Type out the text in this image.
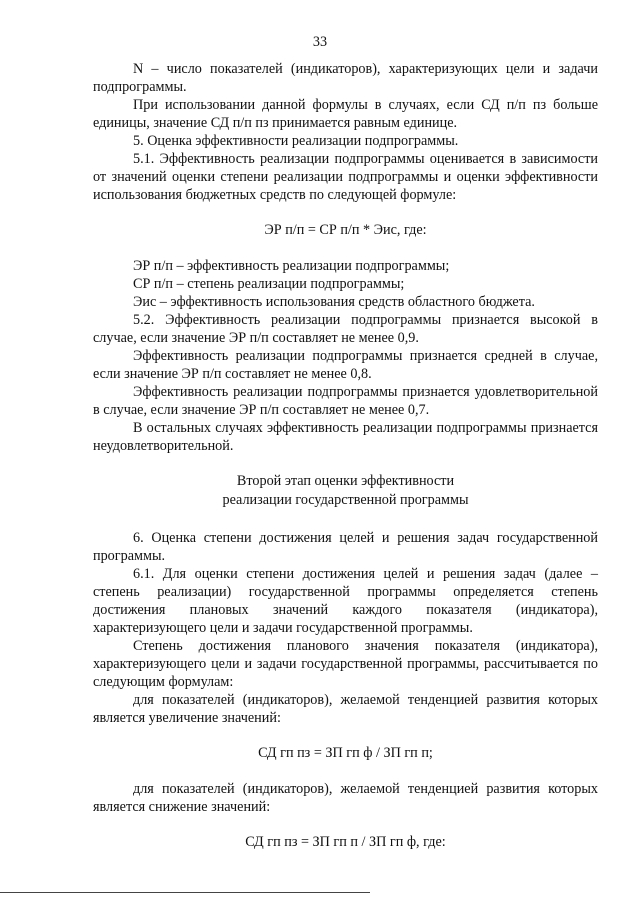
33

N – число показателей (индикаторов), характеризующих цели и задачи подпрограммы.

При использовании данной формулы в случаях, если СД п/п пз больше единицы, значение СД п/п пз принимается равным единице.

5. Оценка эффективности реализации подпрограммы.

5.1. Эффективность реализации подпрограммы оценивается в зависимости от значений оценки степени реализации подпрограммы и оценки эффективности использования бюджетных средств по следующей формуле:

ЭР п/п = СР п/п * Эис, где:

ЭР п/п – эффективность реализации подпрограммы;

СР п/п – степень реализации подпрограммы;

Эис – эффективность использования средств областного бюджета.

5.2. Эффективность реализации подпрограммы признается высокой в случае, если значение ЭР п/п составляет не менее 0,9.

Эффективность реализации подпрограммы признается средней в случае, если значение ЭР п/п составляет не менее 0,8.

Эффективность реализации подпрограммы признается удовлетворительной в случае, если значение ЭР п/п составляет не менее 0,7.

В остальных случаях эффективность реализации подпрограммы признается неудовлетворительной.

Второй этап оценки эффективности
реализации государственной программы

6. Оценка степени достижения целей и решения задач государственной программы.

6.1. Для оценки степени достижения целей и решения задач (далее – степень реализации) государственной программы определяется степень достижения плановых значений каждого показателя (индикатора), характеризующего цели и задачи государственной программы.

Степень достижения планового значения показателя (индикатора), характеризующего цели и задачи государственной программы, рассчитывается по следующим формулам:

для показателей (индикаторов), желаемой тенденцией развития которых является увеличение значений:

СД гп пз = ЗП гп ф / ЗП гп п;

для показателей (индикаторов), желаемой тенденцией развития которых является снижение значений:

СД гп пз = ЗП гп п / ЗП гп ф, где:
